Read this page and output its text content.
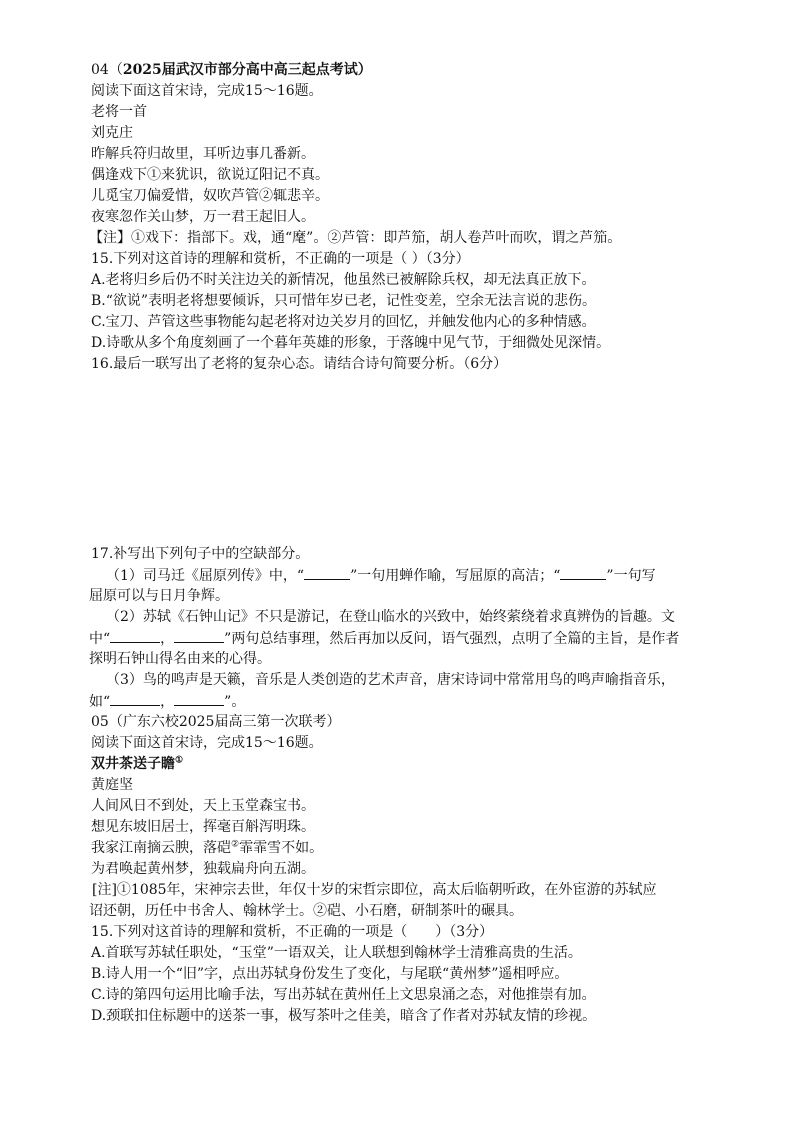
04（2025届武汉市部分高中高三起点考试）
阅读下面这首宋诗，完成15～16题。
老将一首
刘克庄
昨解兵符归故里，耳听边事几番新。
偶逢戏下①来犹识，欲说辽阳记不真。
儿觅宝刀偏爱惜，奴吹芦管②辄悲辛。
夜寒忽作关山梦，万一君王起旧人。
【注】①戏下：指部下。戏，通“麾”。②芦管：即芦笳，胡人卷芦叶而吹，谓之芦笳。
15.下列对这首诗的理解和赏析，不正确的一项是（ ）（3分）
A.老将归乡后仍不时关注边关的新情况，他虽然已被解除兵权，却无法真正放下。
B.“欲说”表明老将想要倾诉，只可惜年岁已老，记性变差，空余无法言说的悲伤。
C.宝刀、芦管这些事物能勾起老将对边关岁月的回忆，并触发他内心的多种情感。
D.诗歌从多个角度刻画了一个暮年英雄的形象，于落魄中见气节，于细微处见深情。
16.最后一联写出了老将的复杂心态。请结合诗句简要分析。（6分）
17.补写出下列句子中的空缺部分。
（1）司马迁《屈原列传》中，“	”一句用蝉作喻，写屈原的高洁；“	”一句写
屈原可以与日月争辉。
（2）苏轼《石钟山记》不只是游记，在登山临水的兴致中，始终萦绕着求真辨伪的旨趣。文
中“	，	”两句总结事理，然后再加以反问，语气强烈，点明了全篇的主旨，是作者
探明石钟山得名由来的心得。
（3）鸟的鸣声是天籁，音乐是人类创造的艺术声音，唐宋诗词中常常用鸟的鸣声喻指音乐，
如“	，	”。
05（广东六校2025届高三第一次联考）
阅读下面这首宋诗，完成15～16题。
双井茶送子瞻①
黄庭坚
人间风日不到处，天上玉堂森宝书。
想见东坡旧居士，挥毫百斛泻明珠。
我家江南摘云腴，落硙②霏霏雪不如。
为君唤起黄州梦，独载扁舟向五湖。
[注]①1085年，宋神宗去世，年仅十岁的宋哲宗即位，高太后临朝听政，在外宦游的苏轼应
诏还朝，历任中书舍人、翰林学士。②硙、小石磨，研制茶叶的碾具。
15.下列对这首诗的理解和赏析，不正确的一项是（　　）（3分）
A.首联写苏轼任职处，“玉堂”一语双关，让人联想到翰林学士清雅高贵的生活。
B.诗人用一个“旧”字，点出苏轼身份发生了变化，与尾联“黄州梦”遥相呼应。
C.诗的第四句运用比喻手法，写出苏轼在黄州任上文思泉涌之态，对他推崇有加。
D.颈联扣住标题中的送茶一事，极写茶叶之佳美，暗含了作者对苏轼友情的珍视。
